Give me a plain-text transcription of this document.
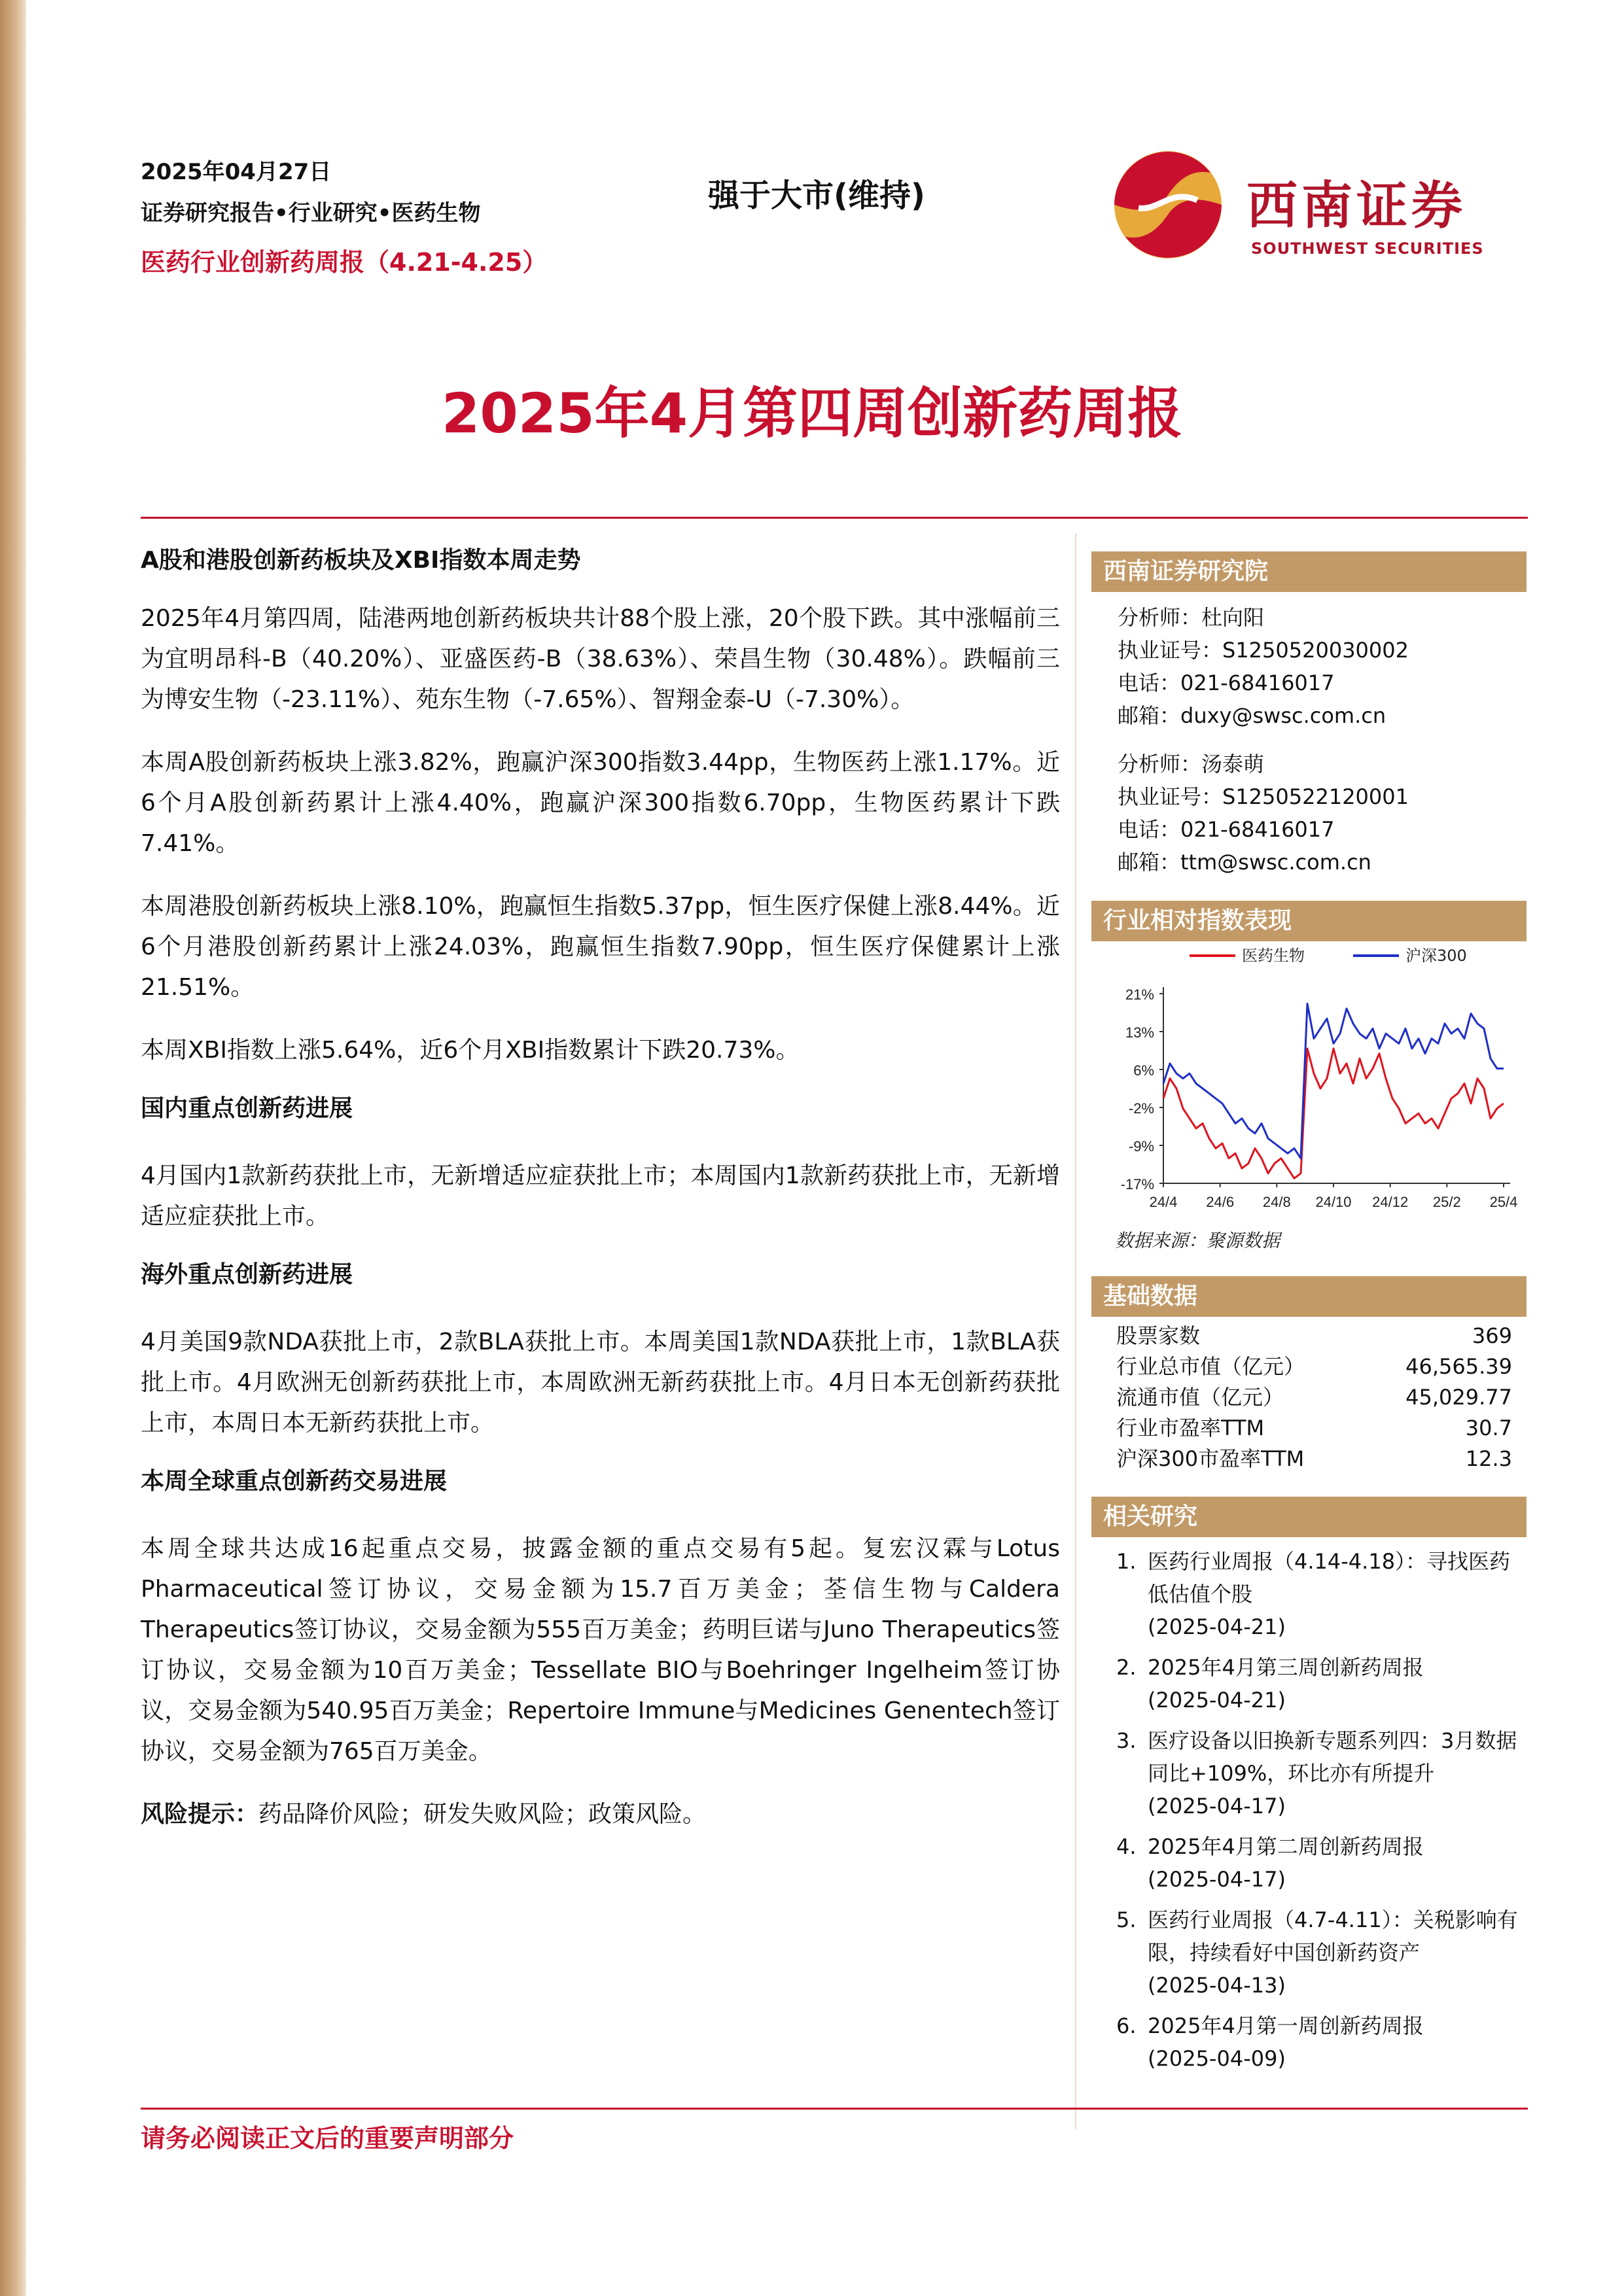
2025年04月27日
证券研究报告•行业研究•医药生物
医药行业创新药周报（4.21-4.25）
强于大市(维持)	西南证券
SOUTHWEST SECURITIES
2025年4月第四周创新药周报

A股和港股创新药板块及XBI指数本周走势

2025年4月第四周，陆港两地创新药板块共计88个股上涨，20个股下跌。其中涨幅前三为宜明昂科-B（40.20%）、亚盛医药-B（38.63%）、荣昌生物（30.48%）。跌幅前三为博安生物（-23.11%）、苑东生物（-7.65%）、智翔金泰-U（-7.30%）。

本周A股创新药板块上涨3.82%，跑赢沪深300指数3.44pp，生物医药上涨1.17%。近6个月A股创新药累计上涨4.40%，跑赢沪深300指数6.70pp，生物医药累计下跌7.41%。

本周港股创新药板块上涨8.10%，跑赢恒生指数5.37pp，恒生医疗保健上涨8.44%。近6个月港股创新药累计上涨24.03%，跑赢恒生指数7.90pp，恒生医疗保健累计上涨21.51%。

本周XBI指数上涨5.64%，近6个月XBI指数累计下跌20.73%。

国内重点创新药进展

4月国内1款新药获批上市，无新增适应症获批上市；本周国内1款新药获批上市，无新增适应症获批上市。

海外重点创新药进展

4月美国9款NDA获批上市，2款BLA获批上市。本周美国1款NDA获批上市，1款BLA获批上市。4月欧洲无创新药获批上市，本周欧洲无新药获批上市。4月日本无创新药获批上市，本周日本无新药获批上市。

本周全球重点创新药交易进展

本周全球共达成16起重点交易，披露金额的重点交易有5起。复宏汉霖与Lotus Pharmaceutical签订协议，交易金额为15.7百万美金；荃信生物与Caldera Therapeutics签订协议，交易金额为555百万美金；药明巨诺与Juno Therapeutics签订协议，交易金额为10百万美金；Tessellate BIO与Boehringer Ingelheim签订协议，交易金额为540.95百万美金；Repertoire Immune与Medicines Genentech签订协议，交易金额为765百万美金。

风险提示：药品降价风险；研发失败风险；政策风险。

西南证券研究院
分析师：杜向阳
执业证号：S1250520030002
电话：021-68416017
邮箱：duxy@swsc.com.cn
分析师：汤泰萌
执业证号：S1250522120001
电话：021-68416017
邮箱：ttm@swsc.com.cn
行业相对指数表现
21%
13%
6%
-2%
-9%
-17%
24/4 24/6 24/8 24/10 24/12 25/2 25/4
医药生物	沪深300
数据来源：聚源数据
基础数据
股票家数	369
行业总市值（亿元）	46,565.39
流通市值（亿元）	45,029.77
行业市盈率TTM	30.7
沪深300市盈率TTM	12.3
相关研究
1. 医药行业周报（4.14-4.18）：寻找医药低估值个股
(2025-04-21)
2. 2025年4月第三周创新药周报
(2025-04-21)
3. 医疗设备以旧换新专题系列四：3月数据同比+109%，环比亦有所提升
(2025-04-17)
4. 2025年4月第二周创新药周报
(2025-04-17)
5. 医药行业周报（4.7-4.11）：关税影响有限，持续看好中国创新药资产
(2025-04-13)
6. 2025年4月第一周创新药周报
(2025-04-09)
请务必阅读正文后的重要声明部分
